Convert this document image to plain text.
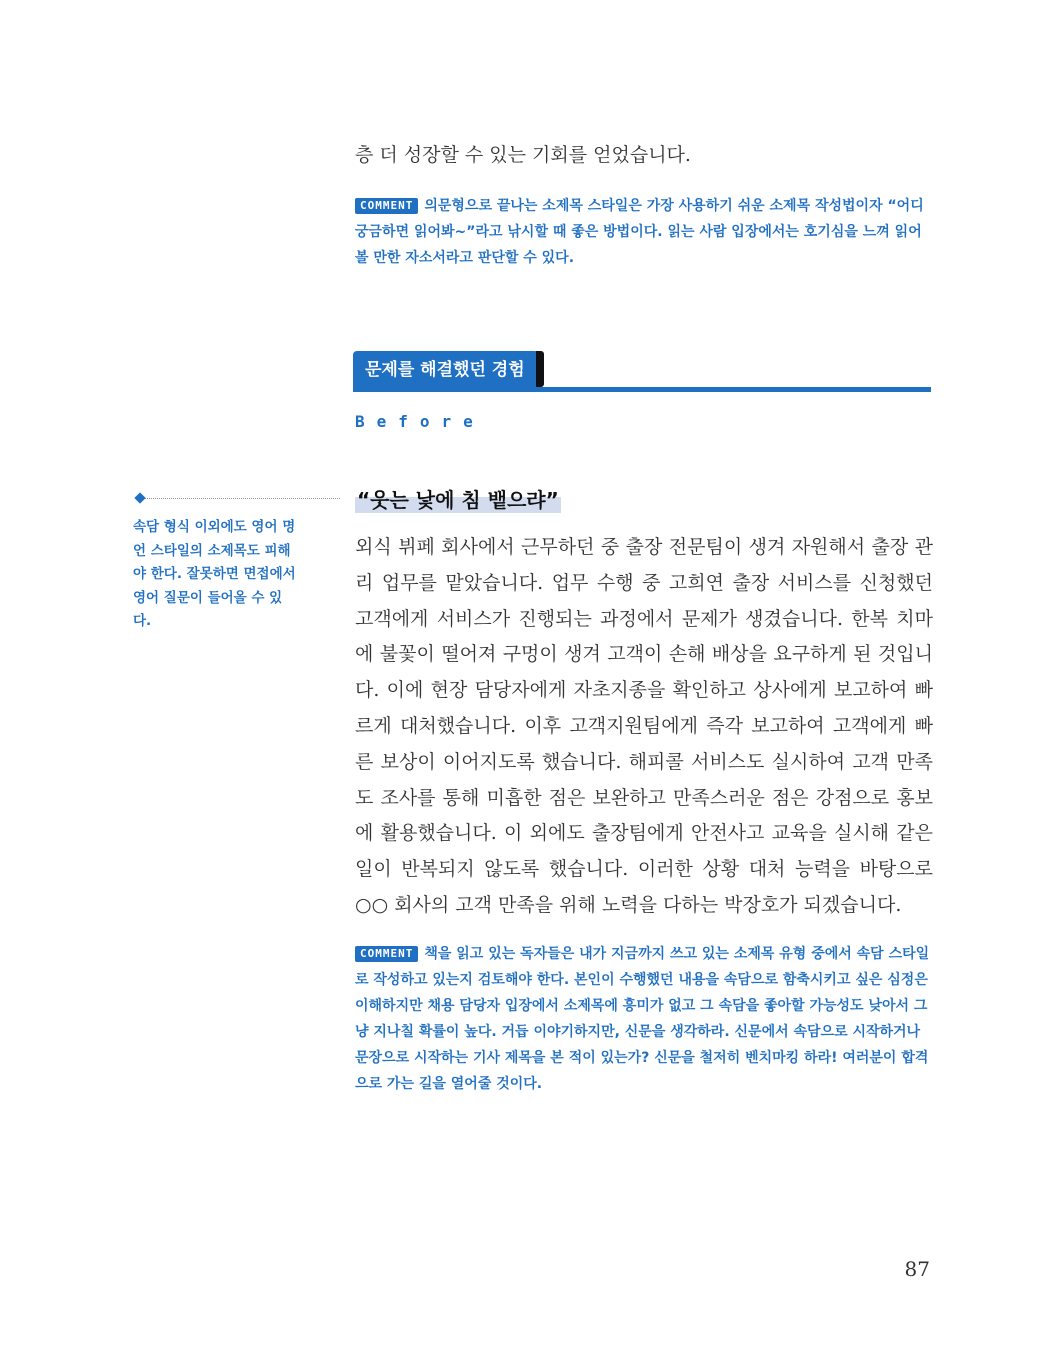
층 더 성장할 수 있는 기회를 얻었습니다.
COMMENT 의문형으로 끝나는 소제목 스타일은 가장 사용하기 쉬운 소제목 작성법이자 “어디 궁금하면 읽어봐~”라고 낚시할 때 좋은 방법이다. 읽는 사람 입장에서는 호기심을 느껴 읽어볼 만한 자소서라고 판단할 수 있다.
문제를 해결했던 경험
Before
속담 형식 이외에도 영어 명언 스타일의 소제목도 피해야 한다. 잘못하면 면접에서 영어 질문이 들어올 수 있다.
“웃는 낯에 침 뱉으랴”
외식 뷔페 회사에서 근무하던 중 출장 전문팀이 생겨 자원해서 출장 관리 업무를 맡았습니다. 업무 수행 중 고희연 출장 서비스를 신청했던 고객에게 서비스가 진행되는 과정에서 문제가 생겼습니다. 한복 치마에 불꽃이 떨어져 구멍이 생겨 고객이 손해 배상을 요구하게 된 것입니다. 이에 현장 담당자에게 자초지종을 확인하고 상사에게 보고하여 빠르게 대처했습니다. 이후 고객지원팀에게 즉각 보고하여 고객에게 빠른 보상이 이어지도록 했습니다. 해피콜 서비스도 실시하여 고객 만족도 조사를 통해 미흡한 점은 보완하고 만족스러운 점은 강점으로 홍보에 활용했습니다. 이 외에도 출장팀에게 안전사고 교육을 실시해 같은 일이 반복되지 않도록 했습니다. 이러한 상황 대처 능력을 바탕으로 ○○ 회사의 고객 만족을 위해 노력을 다하는 박장호가 되겠습니다.
COMMENT 책을 읽고 있는 독자들은 내가 지금까지 쓰고 있는 소제목 유형 중에서 속담 스타일로 작성하고 있는지 검토해야 한다. 본인이 수행했던 내용을 속담으로 함축시키고 싶은 심정은 이해하지만 채용 담당자 입장에서 소제목에 흥미가 없고 그 속담을 좋아할 가능성도 낮아서 그냥 지나칠 확률이 높다. 거듭 이야기하지만, 신문을 생각하라. 신문에서 속담으로 시작하거나 문장으로 시작하는 기사 제목을 본 적이 있는가? 신문을 철저히 벤치마킹 하라! 여러분이 합격으로 가는 길을 열어줄 것이다.
87
